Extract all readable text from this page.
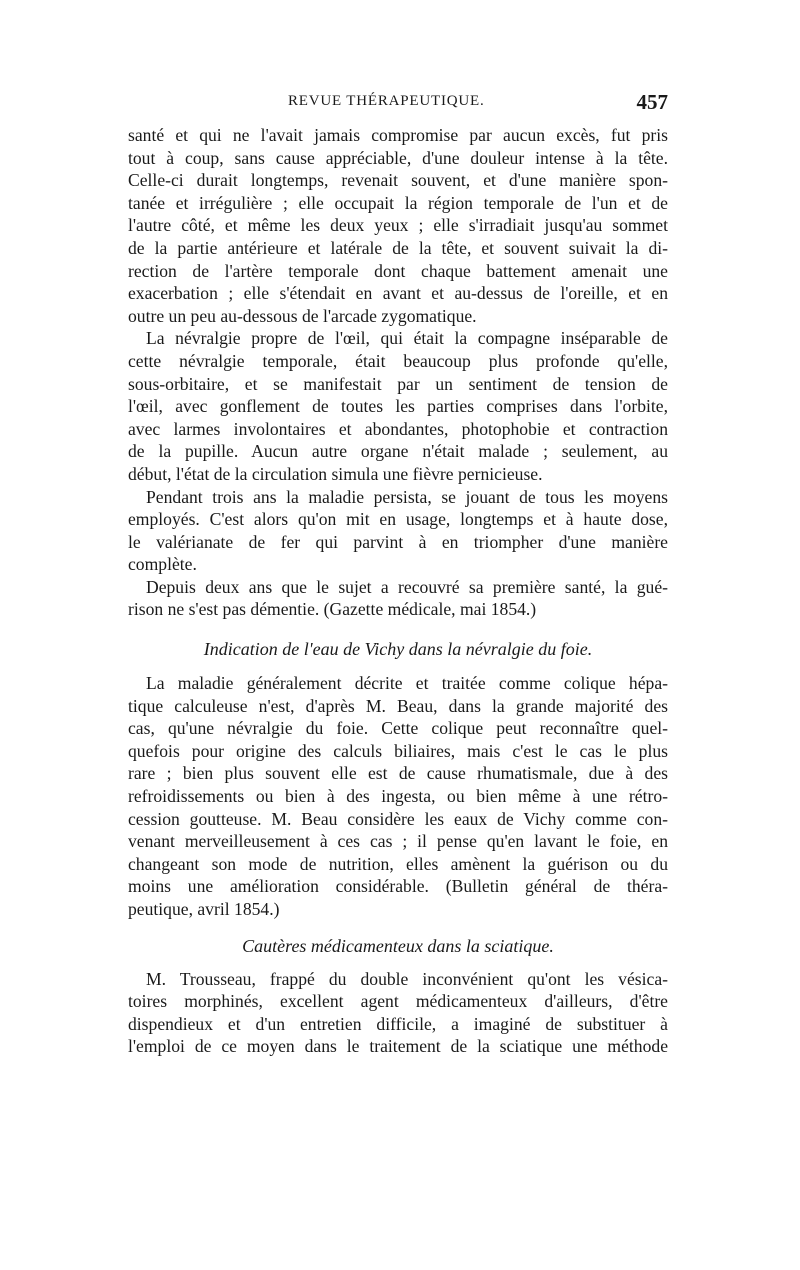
REVUE THÉRAPEUTIQUE.	457
santé et qui ne l'avait jamais compromise par aucun excès, fut pris
tout à coup, sans cause appréciable, d'une douleur intense à la tête.
Celle-ci durait longtemps, revenait souvent, et d'une manière spon-
tanée et irrégulière ; elle occupait la région temporale de l'un et de
l'autre côté, et même les deux yeux ; elle s'irradiait jusqu'au sommet
de la partie antérieure et latérale de la tête, et souvent suivait la di-
rection de l'artère temporale dont chaque battement amenait une
exacerbation ; elle s'étendait en avant et au-dessus de l'oreille, et en
outre un peu au-dessous de l'arcade zygomatique.
La névralgie propre de l'œil, qui était la compagne inséparable de
cette névralgie temporale, était beaucoup plus profonde qu'elle,
sous-orbitaire, et se manifestait par un sentiment de tension de
l'œil, avec gonflement de toutes les parties comprises dans l'orbite,
avec larmes involontaires et abondantes, photophobie et contraction
de la pupille. Aucun autre organe n'était malade ; seulement, au
début, l'état de la circulation simula une fièvre pernicieuse.
Pendant trois ans la maladie persista, se jouant de tous les moyens
employés. C'est alors qu'on mit en usage, longtemps et à haute dose,
le valérianate de fer qui parvint à en triompher d'une manière
complète.
Depuis deux ans que le sujet a recouvré sa première santé, la gué-
rison ne s'est pas démentie. (Gazette médicale, mai 1854.)
Indication de l'eau de Vichy dans la névralgie du foie.
La maladie généralement décrite et traitée comme colique hépa-
tique calculeuse n'est, d'après M. Beau, dans la grande majorité des
cas, qu'une névralgie du foie. Cette colique peut reconnaître quel-
quefois pour origine des calculs biliaires, mais c'est le cas le plus
rare ; bien plus souvent elle est de cause rhumatismale, due à des
refroidissements ou bien à des ingesta, ou bien même à une rétro-
cession goutteuse. M. Beau considère les eaux de Vichy comme con-
venant merveilleusement à ces cas ; il pense qu'en lavant le foie, en
changeant son mode de nutrition, elles amènent la guérison ou du
moins une amélioration considérable. (Bulletin général de théra-
peutique, avril 1854.)
Cautères médicamenteux dans la sciatique.
M. Trousseau, frappé du double inconvénient qu'ont les vésica-
toires morphinés, excellent agent médicamenteux d'ailleurs, d'être
dispendieux et d'un entretien difficile, a imaginé de substituer à
l'emploi de ce moyen dans le traitement de la sciatique une méthode
